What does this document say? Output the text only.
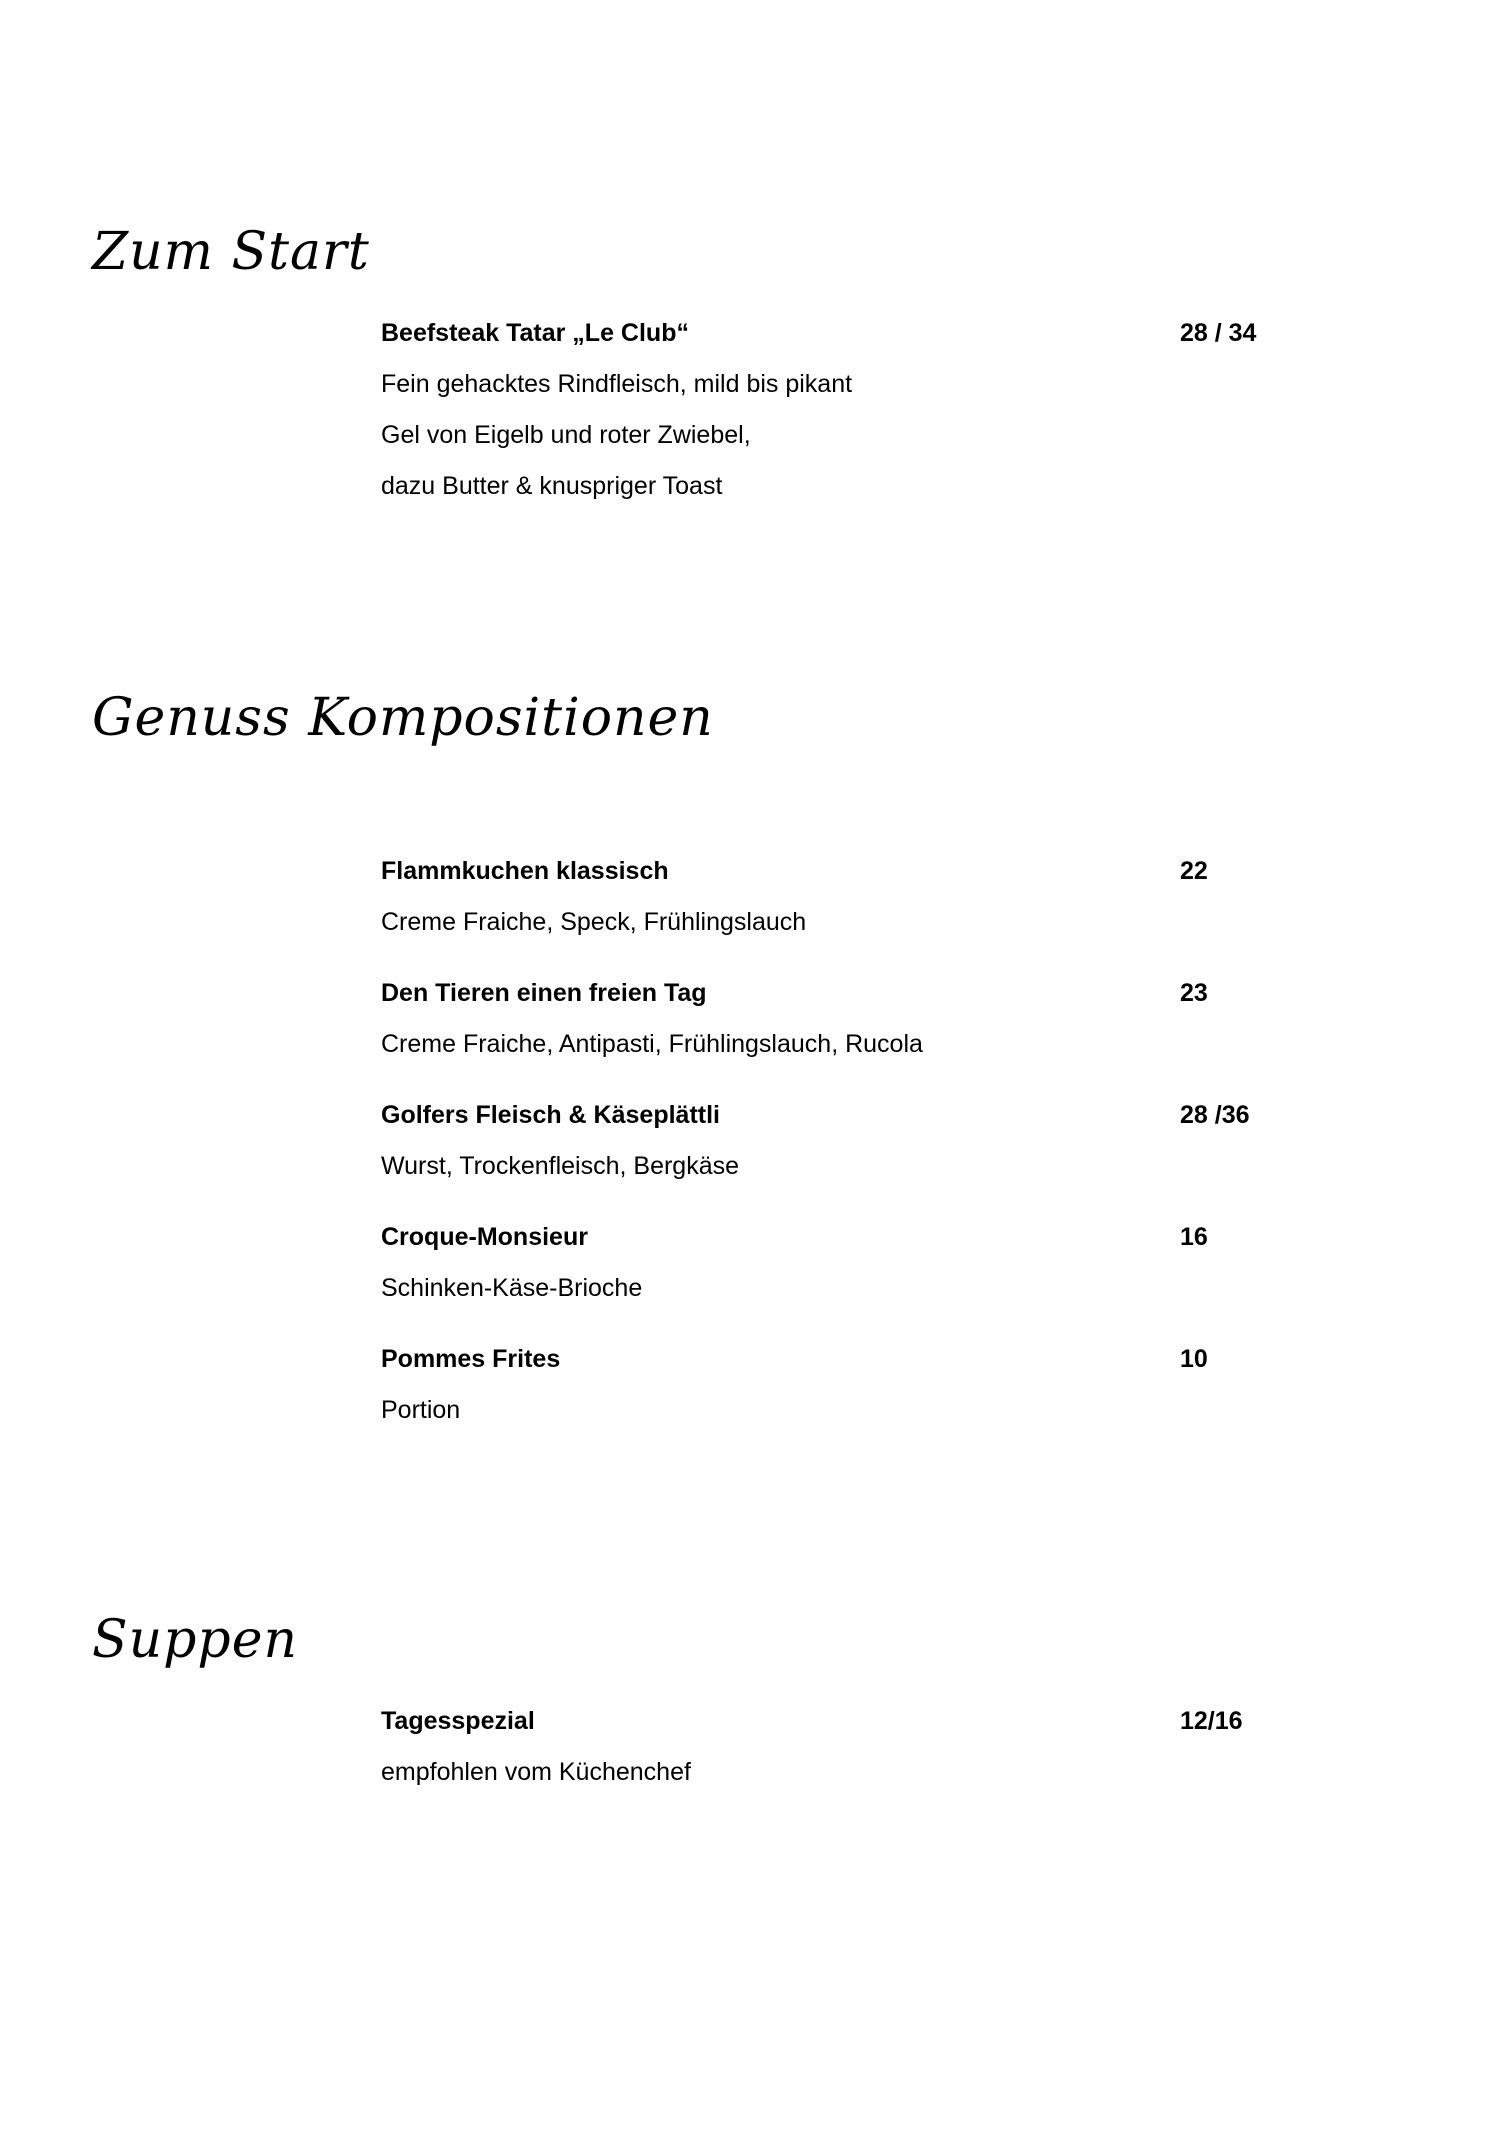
Zum Start
Beefsteak Tatar „Le Club“	28 / 34
Fein gehacktes Rindfleisch, mild bis pikant
Gel von Eigelb und roter Zwiebel,
dazu Butter & knuspriger Toast
Genuss Kompositionen
Flammkuchen klassisch	22
Creme Fraiche, Speck, Frühlingslauch
Den Tieren einen freien Tag	23
Creme Fraiche, Antipasti, Frühlingslauch, Rucola
Golfers Fleisch & Käseplättli	28 /36
Wurst, Trockenfleisch, Bergkäse
Croque-Monsieur	16
Schinken-Käse-Brioche
Pommes Frites	10
Portion
Suppen
Tagesspezial	12/16
empfohlen vom Küchenchef
